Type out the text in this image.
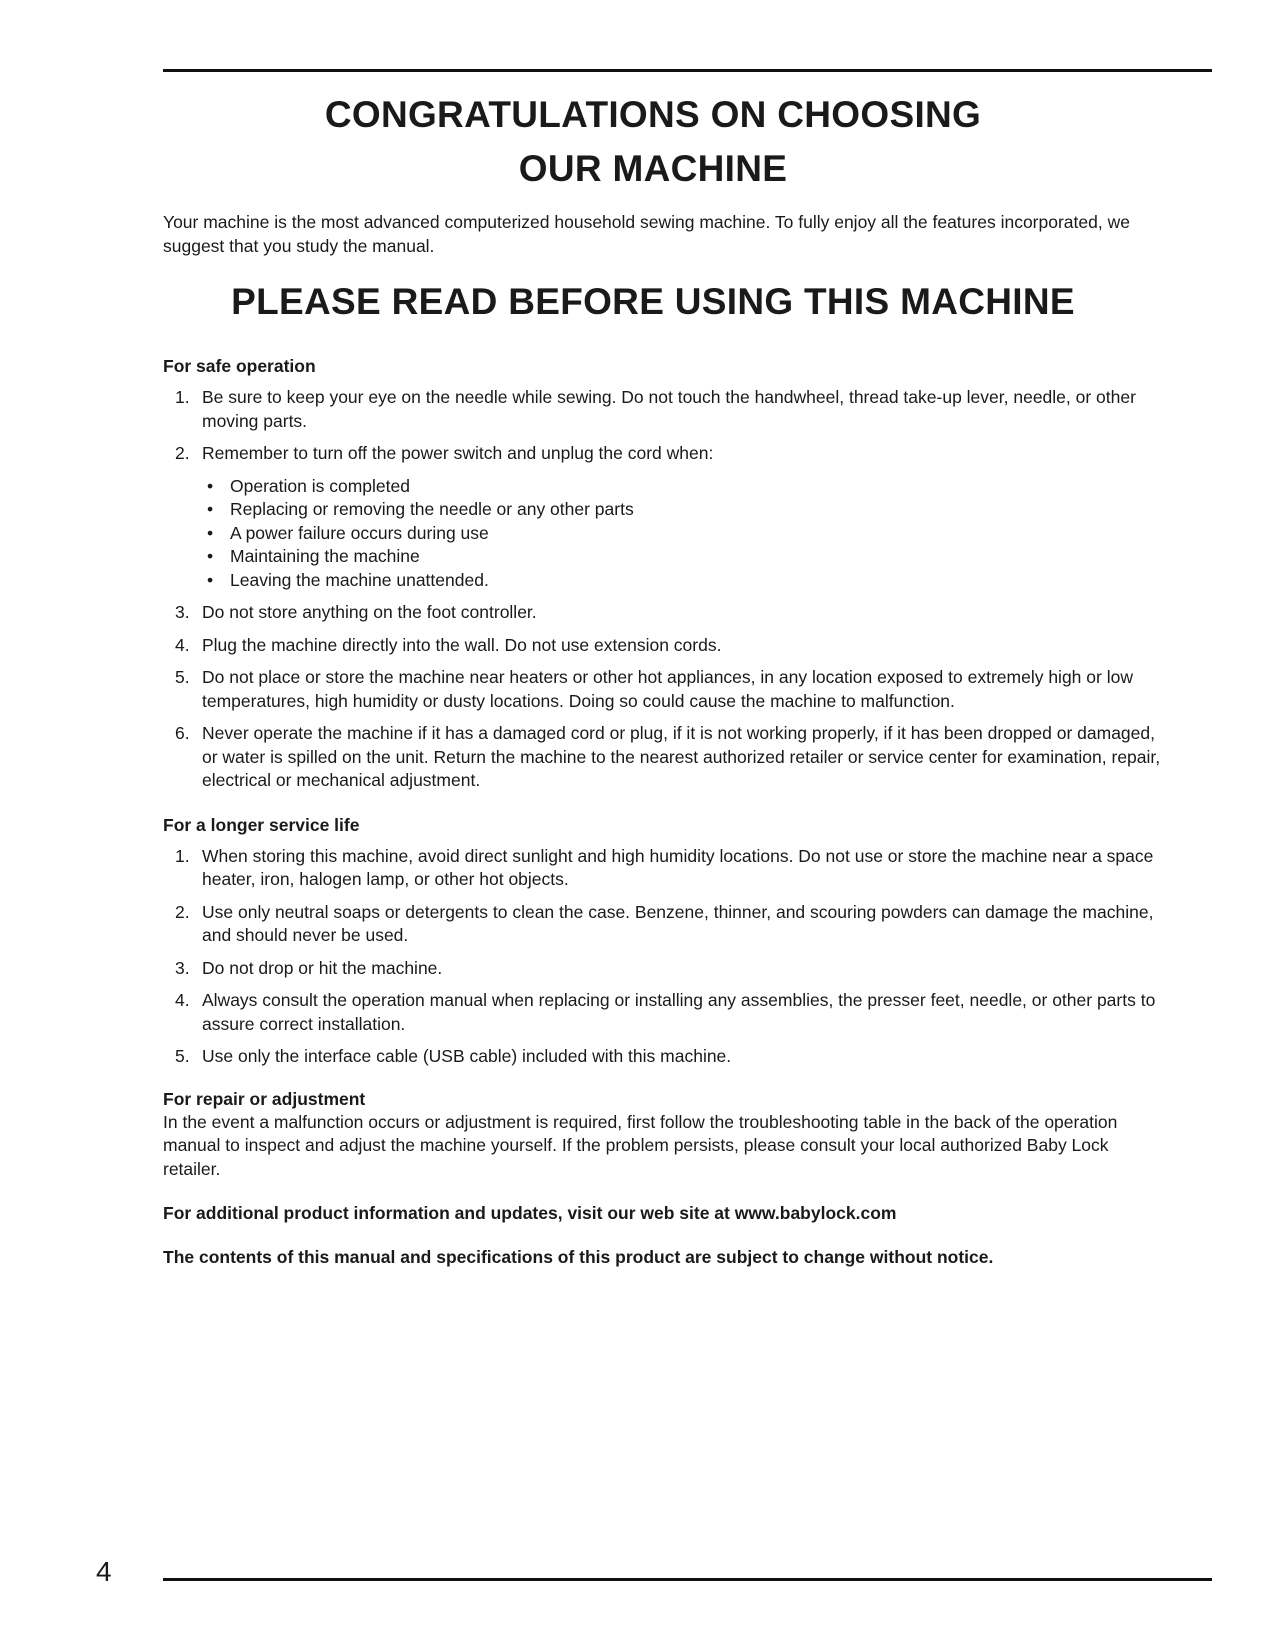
CONGRATULATIONS ON CHOOSING
OUR MACHINE

Your machine is the most advanced computerized household sewing machine. To fully enjoy all the features incorporated, we suggest that you study the manual.

PLEASE READ BEFORE USING THIS MACHINE

For safe operation

1. Be sure to keep your eye on the needle while sewing. Do not touch the handwheel, thread take-up lever, needle, or other moving parts.
2. Remember to turn off the power switch and unplug the cord when:
• Operation is completed
• Replacing or removing the needle or any other parts
• A power failure occurs during use
• Maintaining the machine
• Leaving the machine unattended.
3. Do not store anything on the foot controller.
4. Plug the machine directly into the wall. Do not use extension cords.
5. Do not place or store the machine near heaters or other hot appliances, in any location exposed to extremely high or low temperatures, high humidity or dusty locations. Doing so could cause the machine to malfunction.
6. Never operate the machine if it has a damaged cord or plug, if it is not working properly, if it has been dropped or damaged, or water is spilled on the unit. Return the machine to the nearest authorized retailer or service center for examination, repair, electrical or mechanical adjustment.

For a longer service life

1. When storing this machine, avoid direct sunlight and high humidity locations. Do not use or store the machine near a space heater, iron, halogen lamp, or other hot objects.
2. Use only neutral soaps or detergents to clean the case. Benzene, thinner, and scouring powders can damage the machine, and should never be used.
3. Do not drop or hit the machine.
4. Always consult the operation manual when replacing or installing any assemblies, the presser feet, needle, or other parts to assure correct installation.
5. Use only the interface cable (USB cable) included with this machine.

For repair or adjustment

In the event a malfunction occurs or adjustment is required, first follow the troubleshooting table in the back of the operation manual to inspect and adjust the machine yourself. If the problem persists, please consult your local authorized Baby Lock retailer.

For additional product information and updates, visit our web site at www.babylock.com

The contents of this manual and specifications of this product are subject to change without notice.

4
